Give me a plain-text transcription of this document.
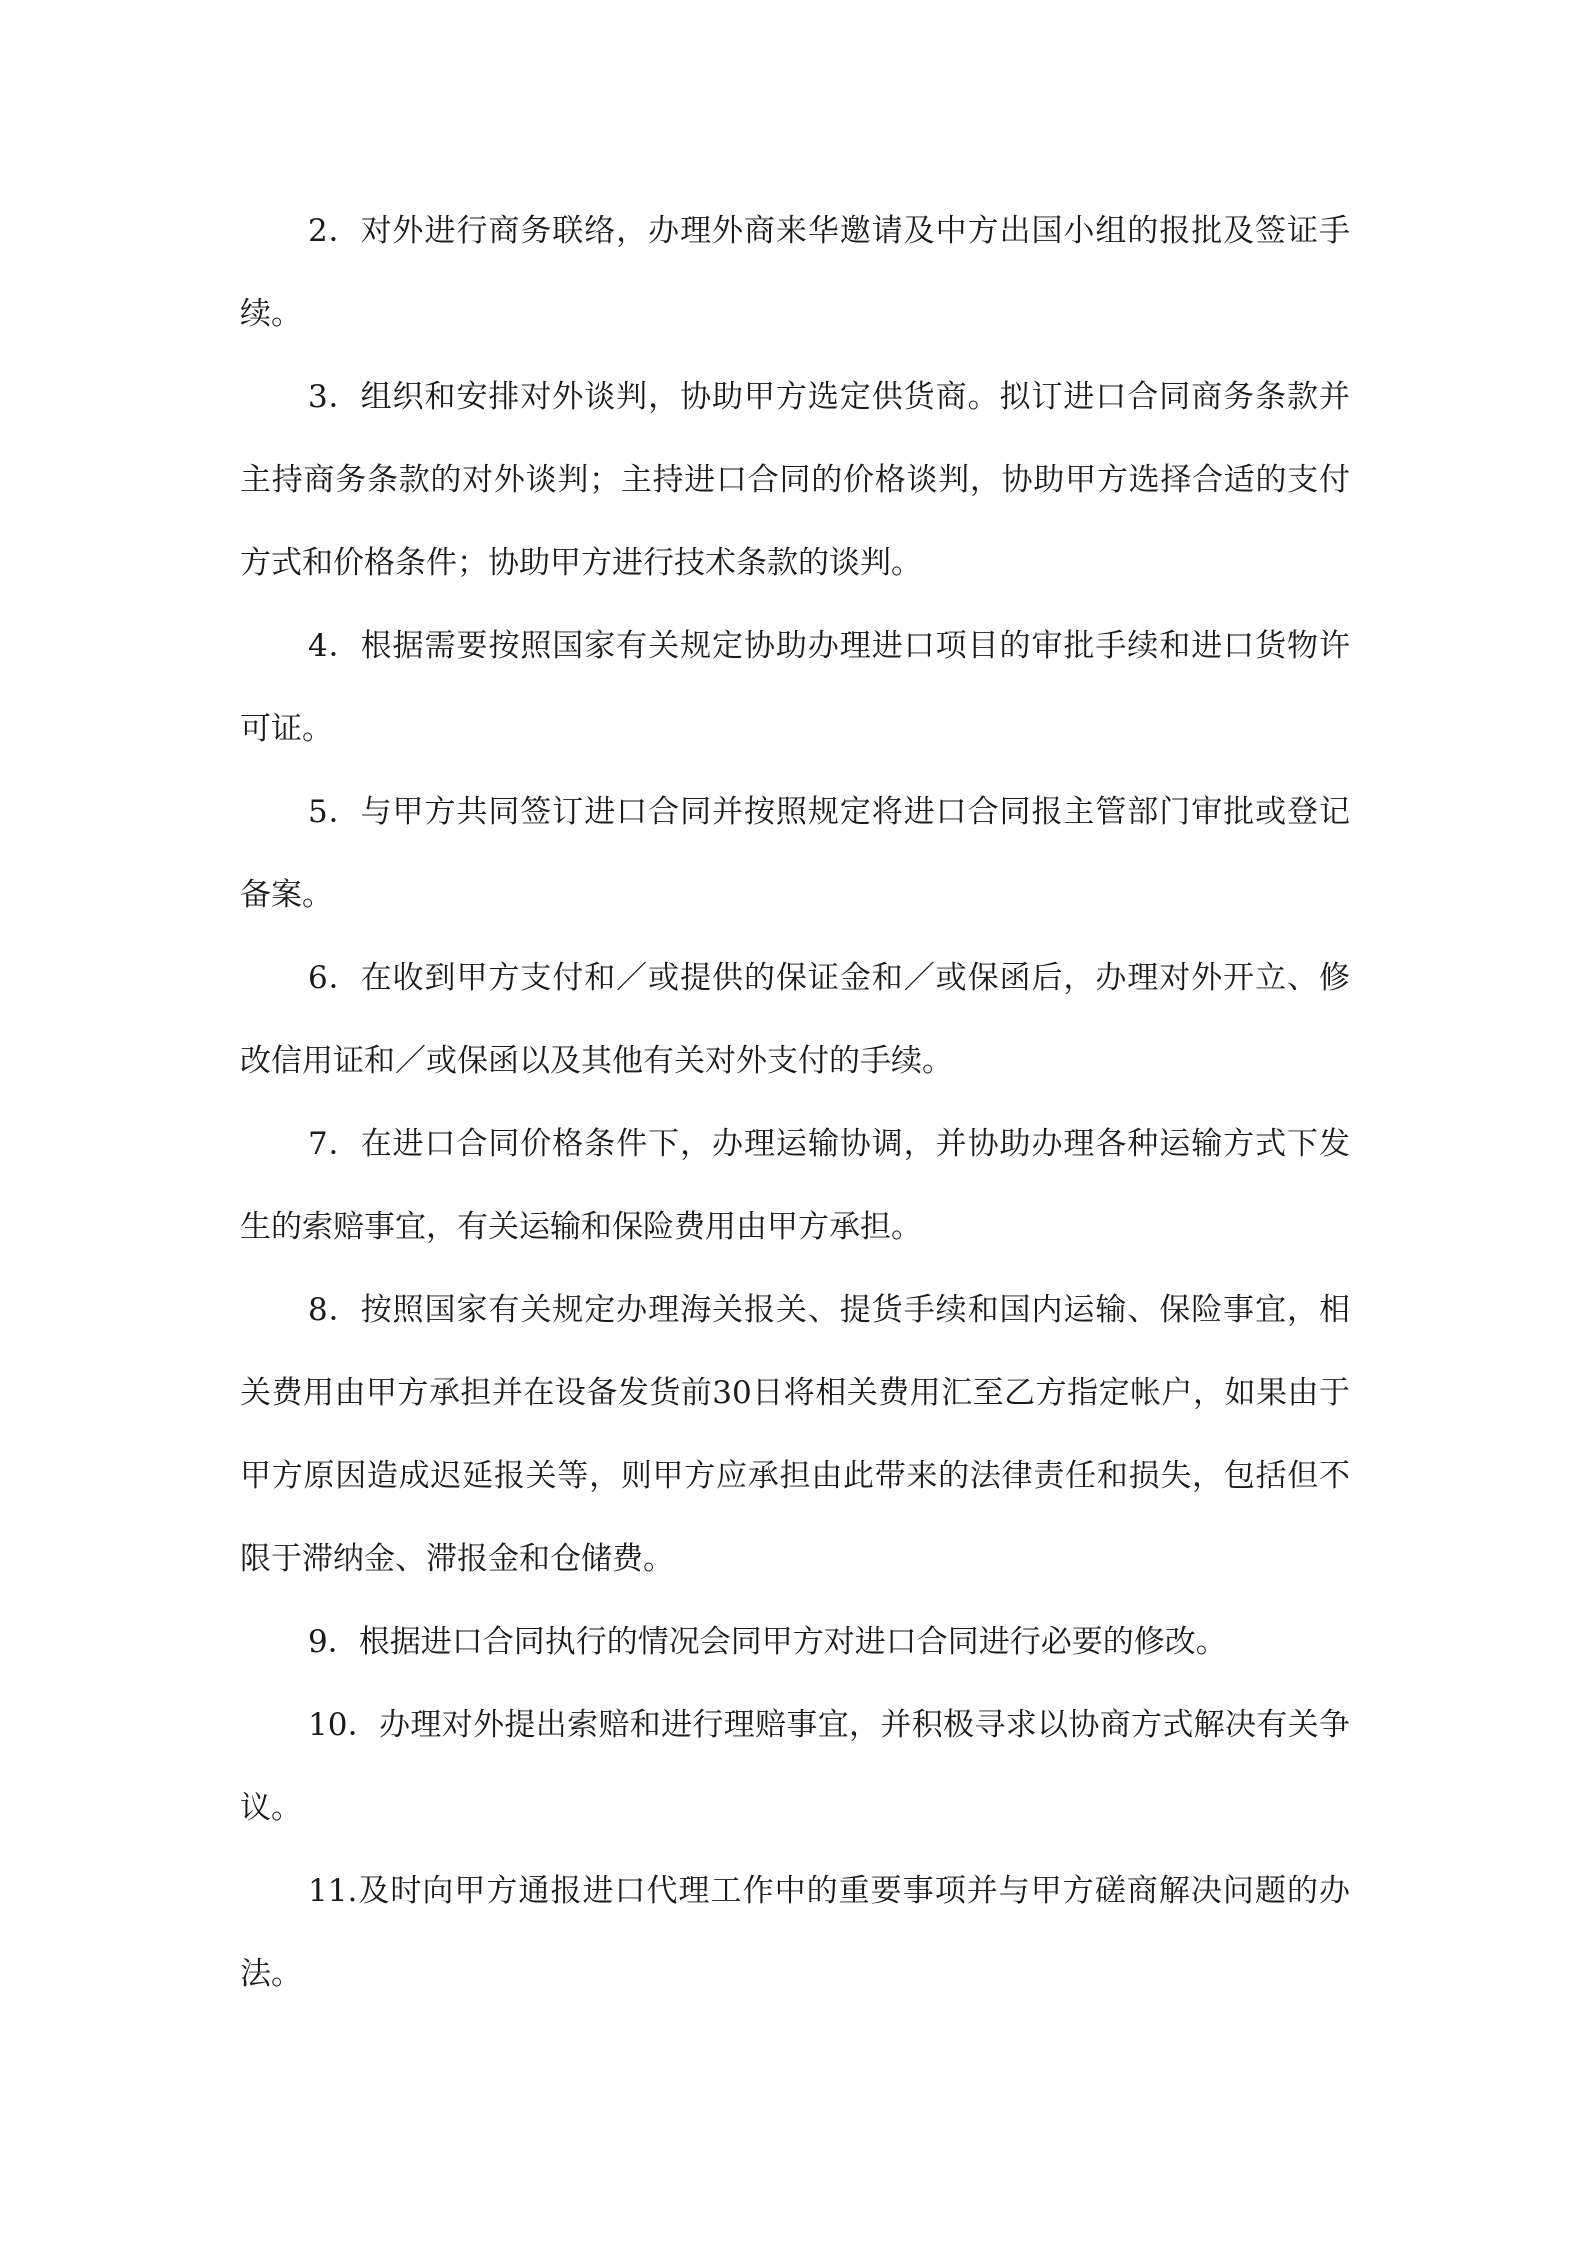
2．对外进行商务联络，办理外商来华邀请及中方出国小组的报批及签证手续。

3．组织和安排对外谈判，协助甲方选定供货商。拟订进口合同商务条款并主持商务条款的对外谈判；主持进口合同的价格谈判，协助甲方选择合适的支付方式和价格条件；协助甲方进行技术条款的谈判。

4．根据需要按照国家有关规定协助办理进口项目的审批手续和进口货物许可证。

5．与甲方共同签订进口合同并按照规定将进口合同报主管部门审批或登记备案。

6．在收到甲方支付和／或提供的保证金和／或保函后，办理对外开立、修改信用证和／或保函以及其他有关对外支付的手续。

7．在进口合同价格条件下，办理运输协调，并协助办理各种运输方式下发生的索赔事宜，有关运输和保险费用由甲方承担。

8．按照国家有关规定办理海关报关、提货手续和国内运输、保险事宜，相关费用由甲方承担并在设备发货前30日将相关费用汇至乙方指定帐户，如果由于甲方原因造成迟延报关等，则甲方应承担由此带来的法律责任和损失，包括但不限于滞纳金、滞报金和仓储费。

9．根据进口合同执行的情况会同甲方对进口合同进行必要的修改。

10．办理对外提出索赔和进行理赔事宜，并积极寻求以协商方式解决有关争议。

11.及时向甲方通报进口代理工作中的重要事项并与甲方磋商解决问题的办法。
